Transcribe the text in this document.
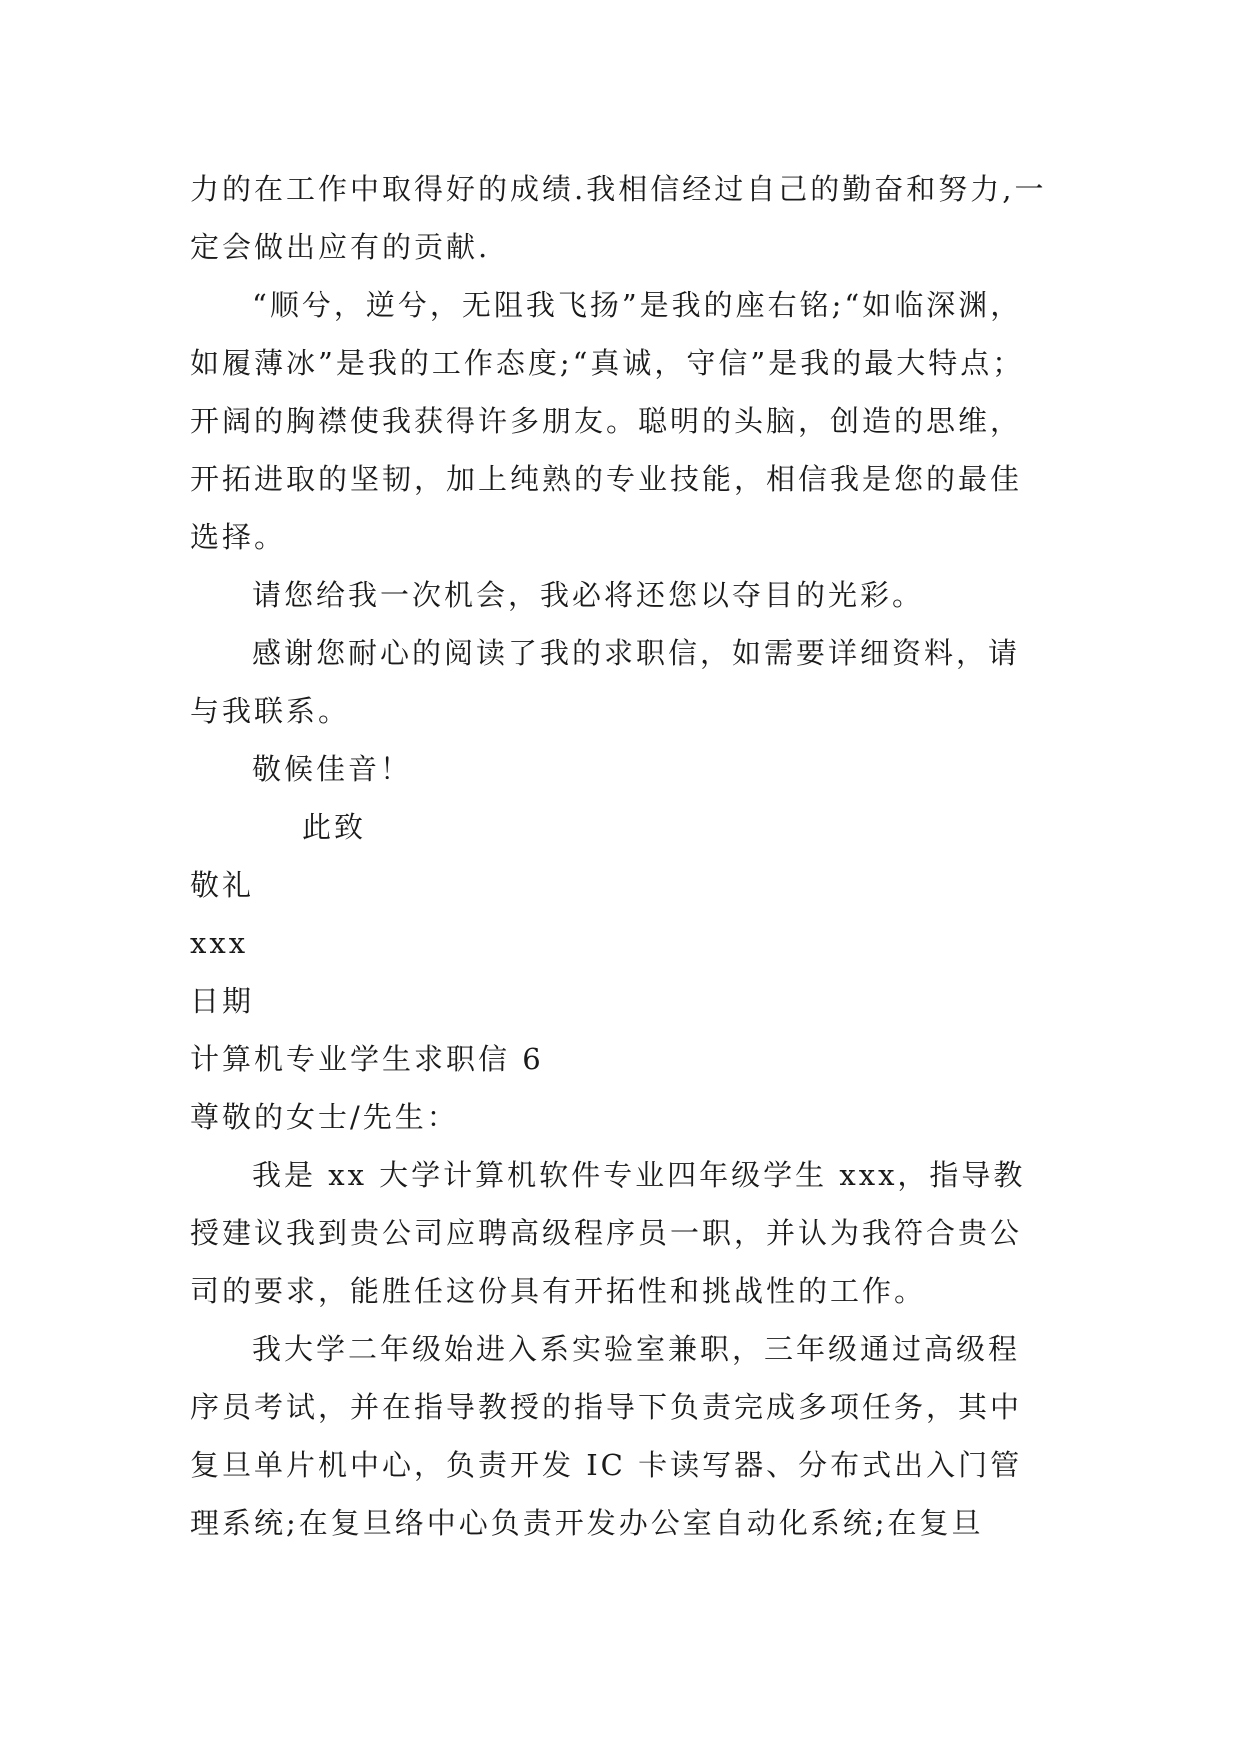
力的在工作中取得好的成绩.我相信经过自己的勤奋和努力,一定会做出应有的贡献.

“顺兮，逆兮，无阻我飞扬”是我的座右铭;“如临深渊，如履薄冰”是我的工作态度;“真诚，守信”是我的最大特点；开阔的胸襟使我获得许多朋友。聪明的头脑，创造的思维，开拓进取的坚韧，加上纯熟的专业技能，相信我是您的最佳选择。

请您给我一次机会，我必将还您以夺目的光彩。

感谢您耐心的阅读了我的求职信，如需要详细资料，请与我联系。

敬候佳音！

此致

敬礼

xxx

日期

计算机专业学生求职信 6

尊敬的女士/先生：

我是 xx 大学计算机软件专业四年级学生 xxx，指导教授建议我到贵公司应聘高级程序员一职，并认为我符合贵公司的要求，能胜任这份具有开拓性和挑战性的工作。

我大学二年级始进入系实验室兼职，三年级通过高级程序员考试，并在指导教授的指导下负责完成多项任务，其中复旦单片机中心，负责开发 IC 卡读写器、分布式出入门管理系统;在复旦络中心负责开发办公室自动化系统;在复旦
